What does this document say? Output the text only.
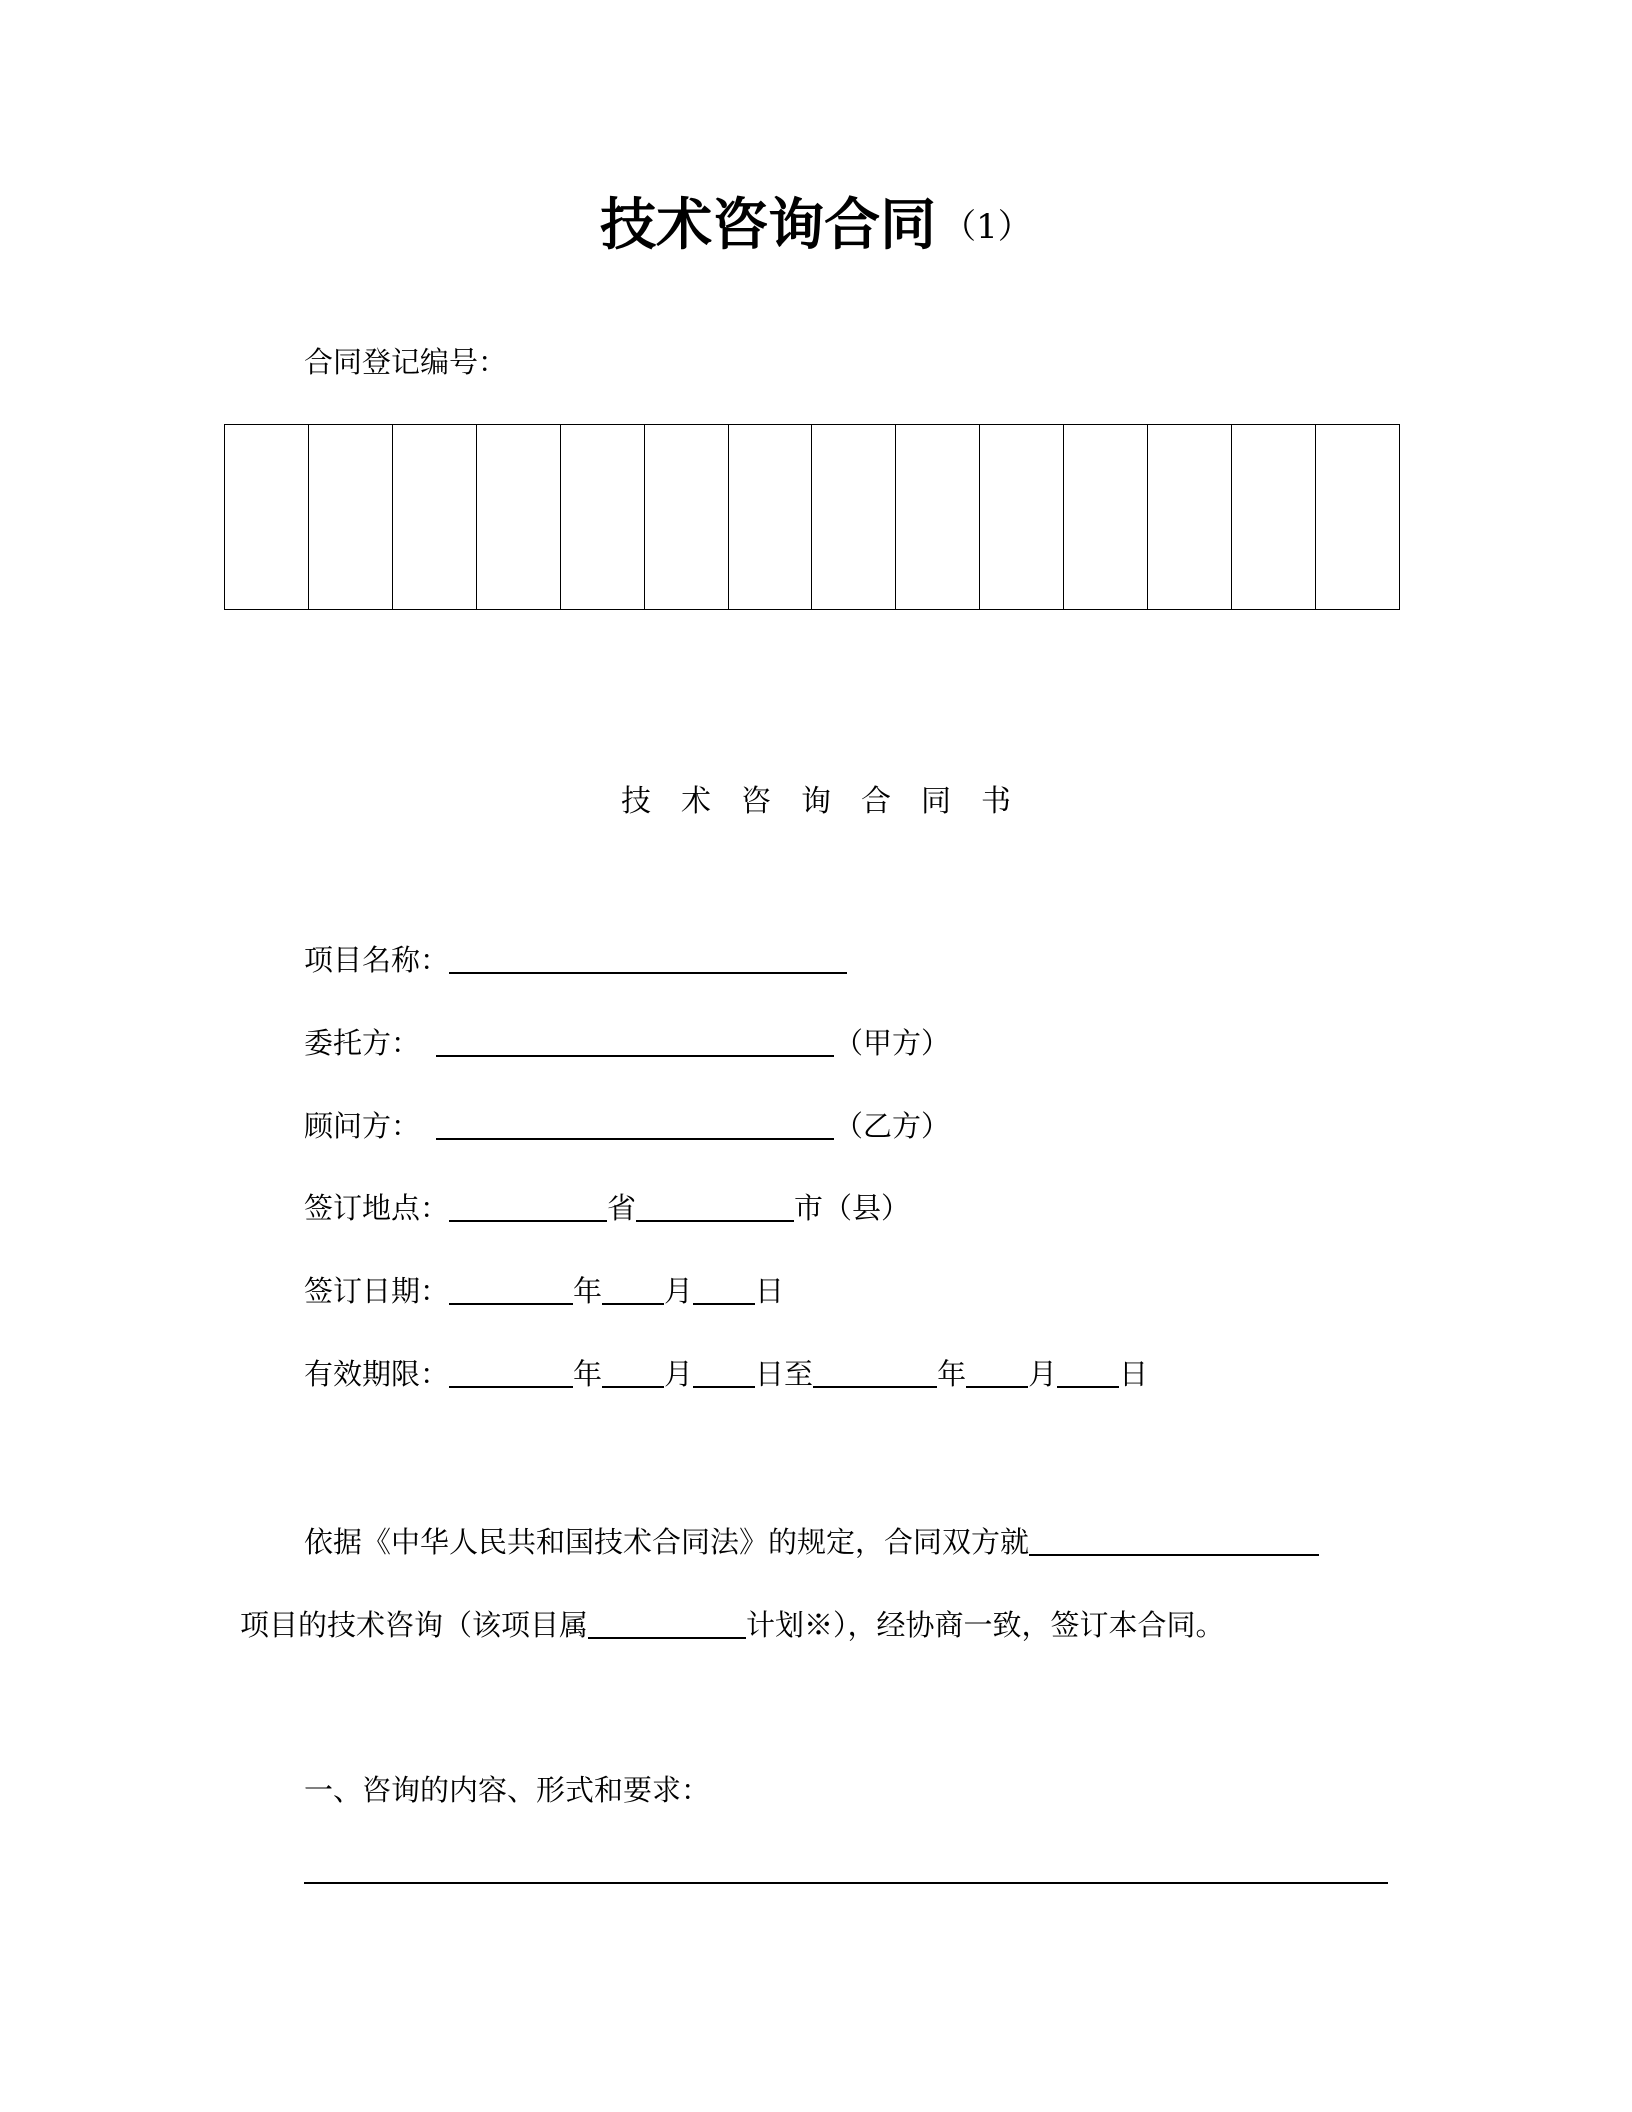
技术咨询合同 （1）
合同登记编号：
技术咨询合同书
项目名称：
委托方：	（甲方）
顾问方：	（乙方）
签订地点：	省	市（县）
签订日期：	年 月 日
有效期限：	年 月 日至	年 月 日
依据《中华人民共和国技术合同法》的规定，合同双方就
项目的技术咨询（该项目属	计划※），经协商一致，签订本合同。
一、咨询的内容、形式和要求：
